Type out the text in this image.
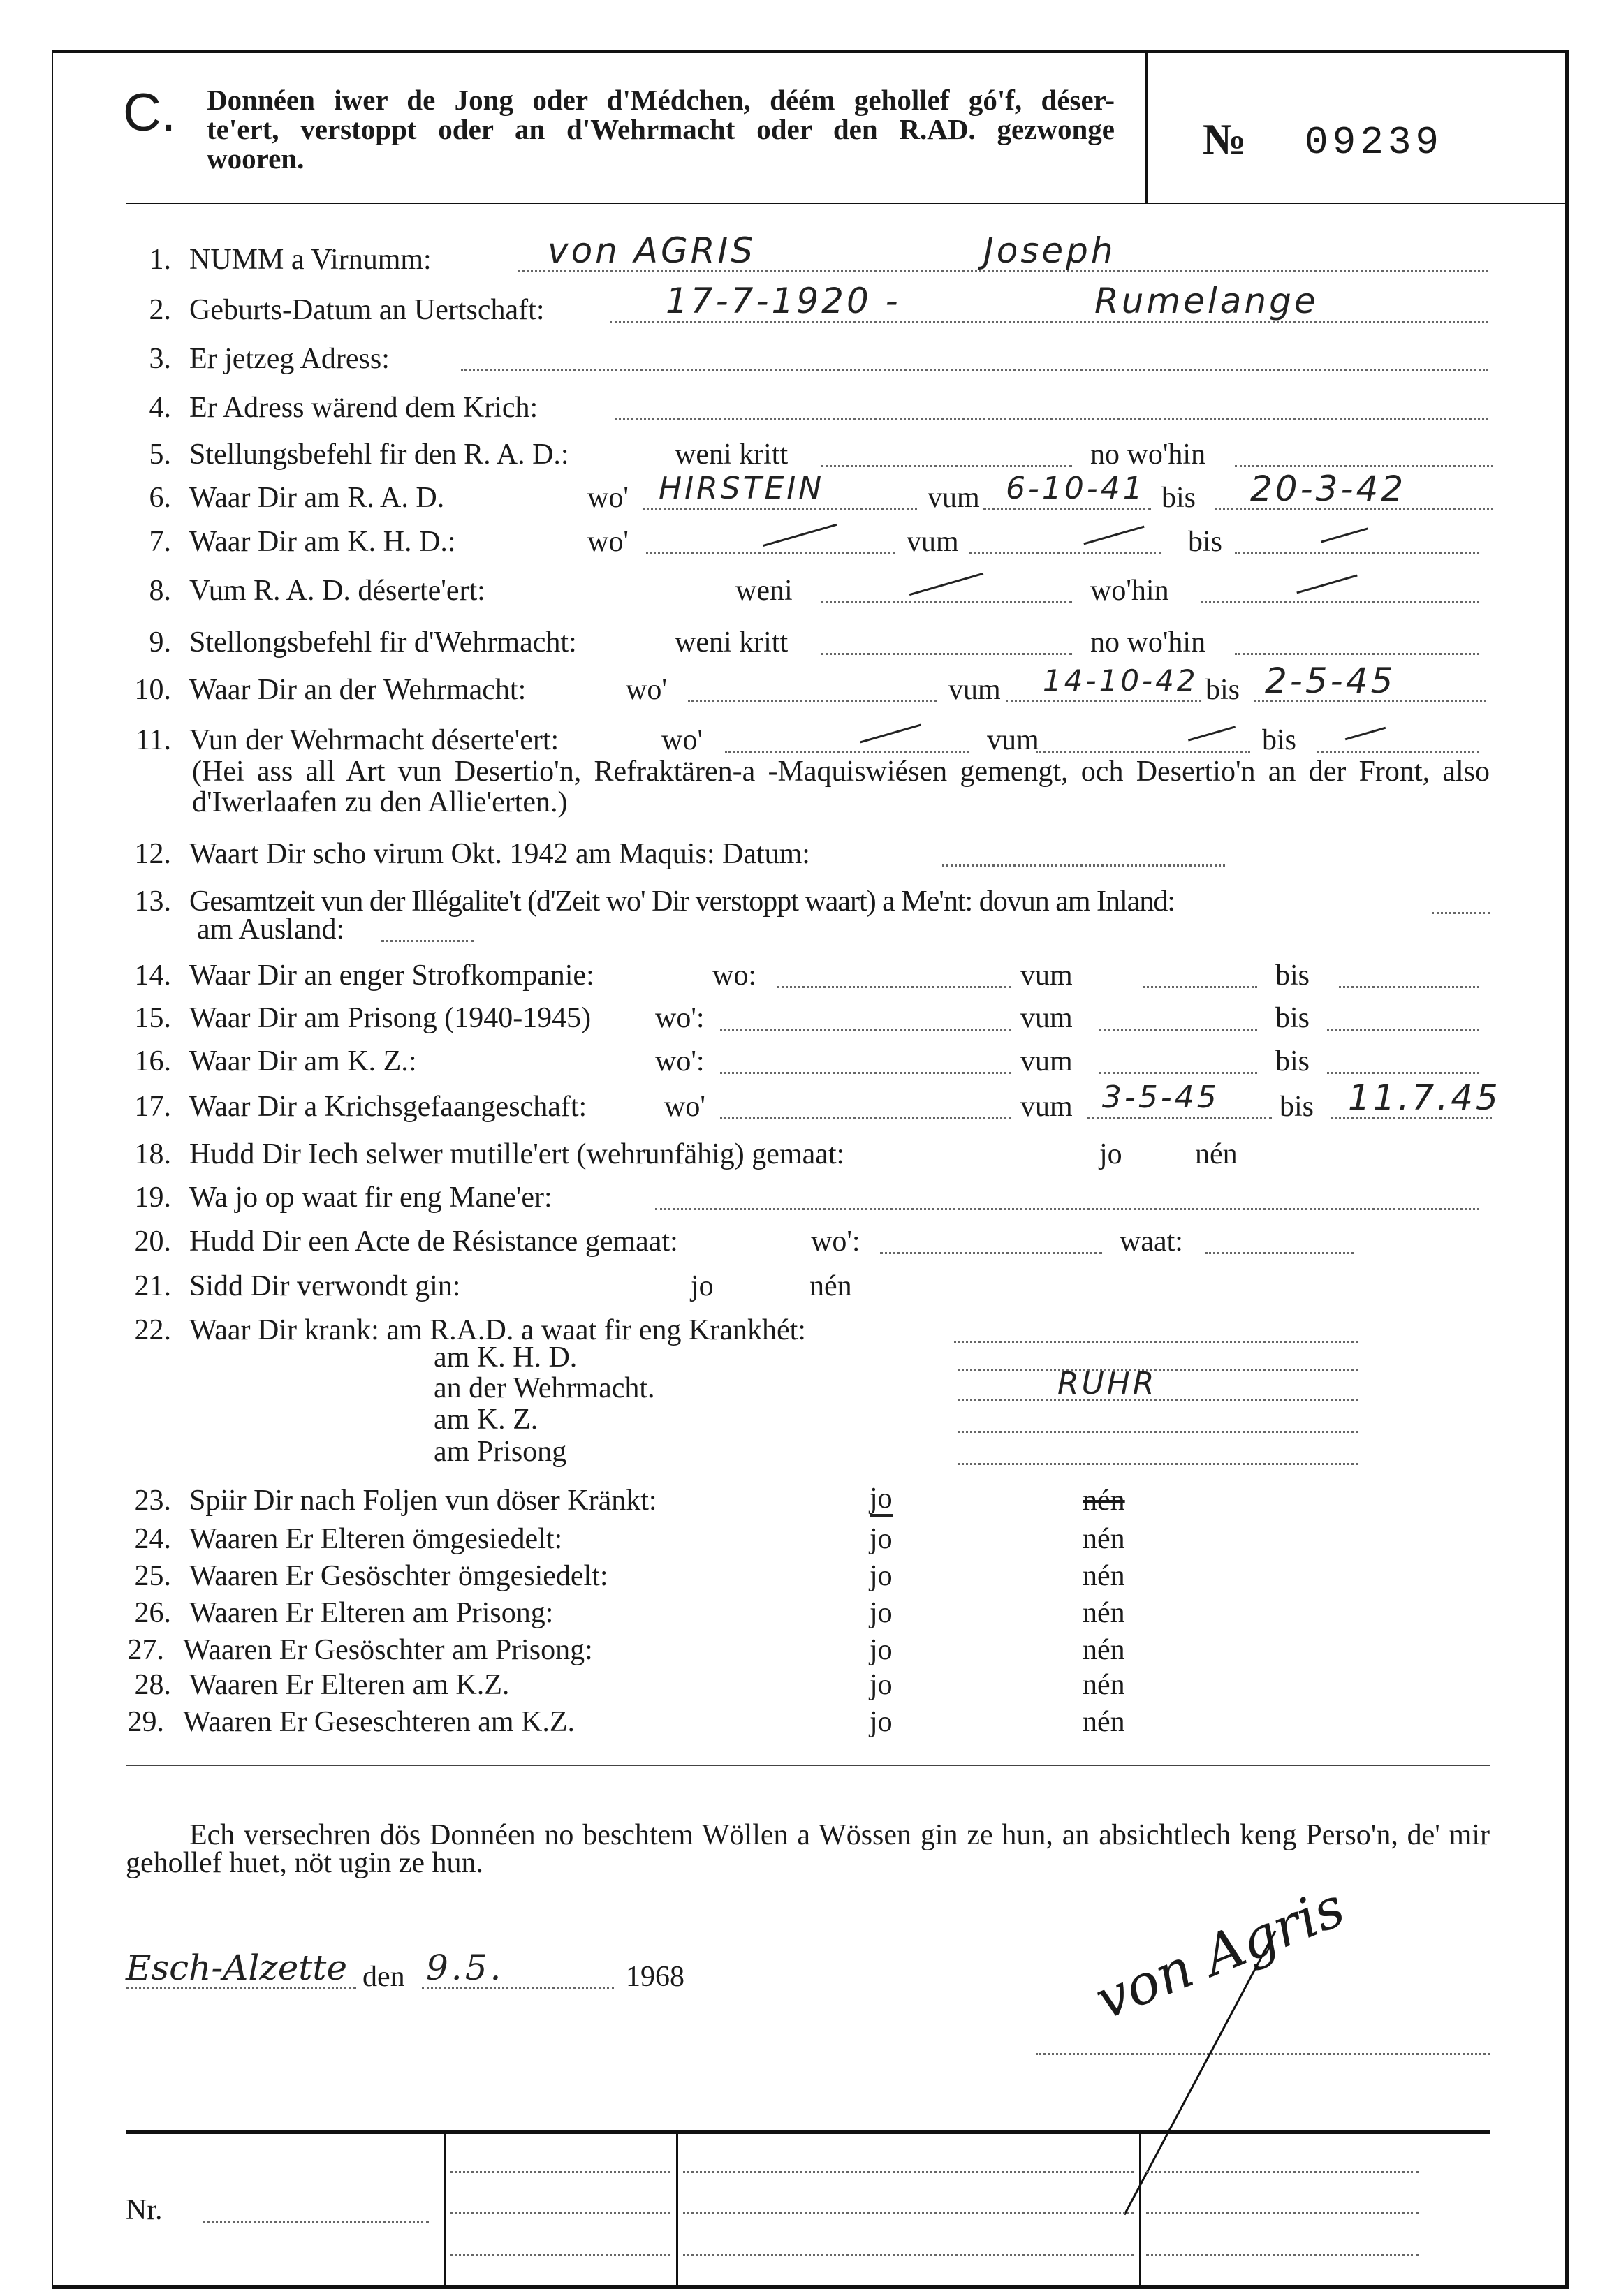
C. Donnéen iwer de Jong oder d'Médchen, déém gehollef gó'f, déser-
te'ert, verstoppt oder an d'Wehrmacht oder den R.AD. gezwonge
wooren.	№ 09239
1. NUMM a Virnumm:	von AGRIS	Joseph
2. Geburts-Datum an Uertschaft:	17-7-1920 -	Rumelange
3. Er jetzeg Adress:
4. Er Adress wärend dem Krich:
5. Stellungsbefehl fir den R. A. D.:	weni kritt	no wo'hin
6. Waar Dir am R. A. D.	wo' HIRSTEIN	vum 6-10-41 bis 20-3-42
7. Waar Dir am K. H. D.:	wo'	vum	bis
8. Vum R. A. D. déserte'ert:	weni	wo'hin
9. Stellongsbefehl fir d'Wehrmacht:	weni kritt	no wo'hin
10. Waar Dir an der Wehrmacht:	wo'	vum 14-10-42 bis 2-5-45
11. Vun der Wehrmacht déserte'ert:	wo'	vum	bis
(Hei ass all Art vun Desertio'n, Refraktären-a -Maquiswiésen gemengt, och Desertio'n an der Front, also d'Iwerlaafen zu den Allie'erten.)
12. Waart Dir scho virum Okt. 1942 am Maquis: Datum:
13. Gesamtzeit vun der Illégalite't (d'Zeit wo' Dir verstoppt waart) a Me'nt: dovun am Inland:
am Ausland:
14. Waar Dir an enger Strofkompanie:	wo:	vum	bis
15. Waar Dir am Prisong (1940-1945) wo':	vum	bis
16. Waar Dir am K. Z.:	wo':	vum	bis
17. Waar Dir a Krichsgefaangeschaft:	wo'	vum 3-5-45 bis 11.7.45
18. Hudd Dir Iech selwer mutille'ert (wehrunfähig) gemaat:	jo nén
19. Wa jo op waat fir eng Mane'er:
20. Hudd Dir een Acte de Résistance gemaat:	wo':	waat:
21. Sidd Dir verwondt gin:	jo	nén
22. Waar Dir krank: am R.A.D. a waat fir eng Krankhét:
am K. H. D.
an der Wehrmacht.	RUHR
am K. Z.
am Prisong
23. Spiir Dir nach Foljen vun döser Kränkt:	jo	nén
24. Waaren Er Elteren ömgesiedelt:	jo	nén
25. Waaren Er Gesöschter ömgesiedelt:	jo	nén
26. Waaren Er Elteren am Prisong:	jo	nén
27. Waaren Er Gesöschter am Prisong:	jo	nén
28. Waaren Er Elteren am K.Z.	jo	nén
29. Waaren Er Geseschteren am K.Z.	jo	nén
Ech versechren dös Donnéen no beschtem Wöllen a Wössen gin ze hun, an absichtlech keng Perso'n, de' mir gehollef huet, nöt ugin ze hun.
Esch-Alzette den 9.5.	1968	von Agris
Nr.
